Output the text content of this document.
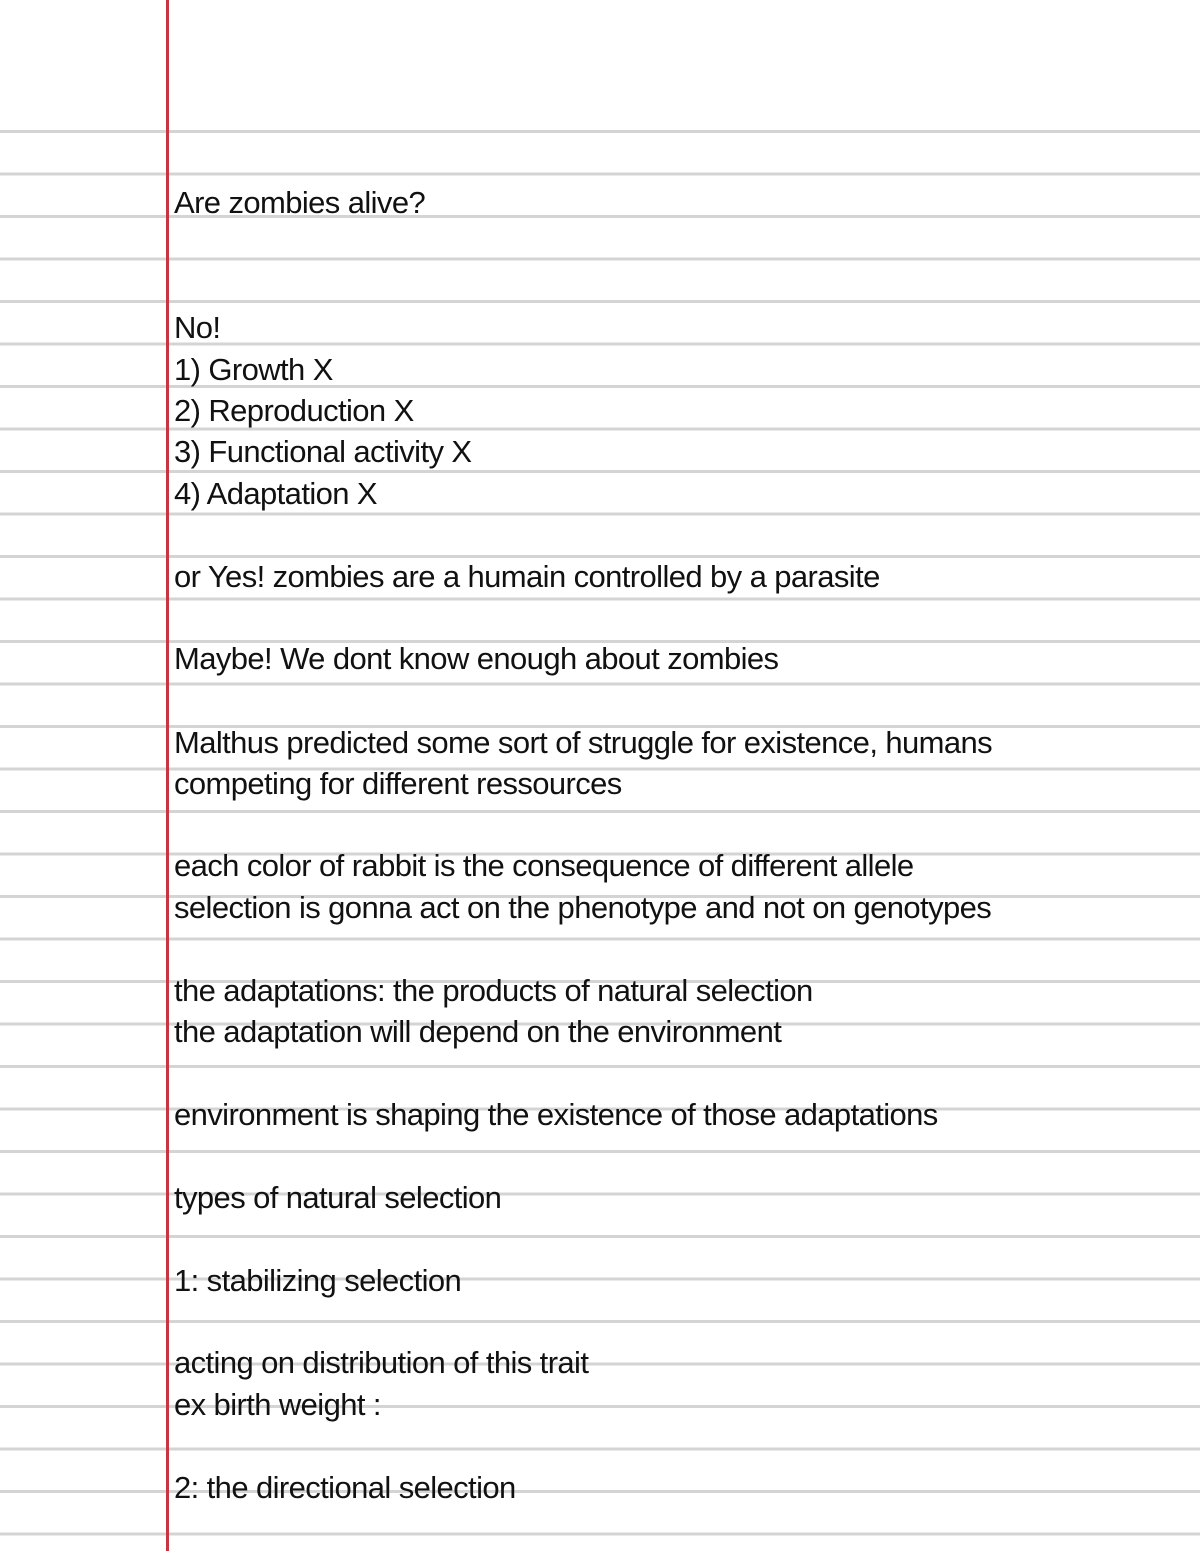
Are zombies alive?
No!
1) Growth X
2) Reproduction X
3) Functional activity X
4) Adaptation X
or Yes! zombies are a humain controlled by a parasite
Maybe! We dont know enough about zombies
Malthus predicted some sort of struggle for existence, humans
competing for different ressources
each color of rabbit is the consequence of different allele
selection is gonna act on the phenotype and not on genotypes
the adaptations: the products of natural selection
the adaptation will depend on the environment
environment is shaping the existence of those adaptations
types of natural selection
1: stabilizing selection
acting on distribution of this trait
ex birth weight :
2: the directional selection
